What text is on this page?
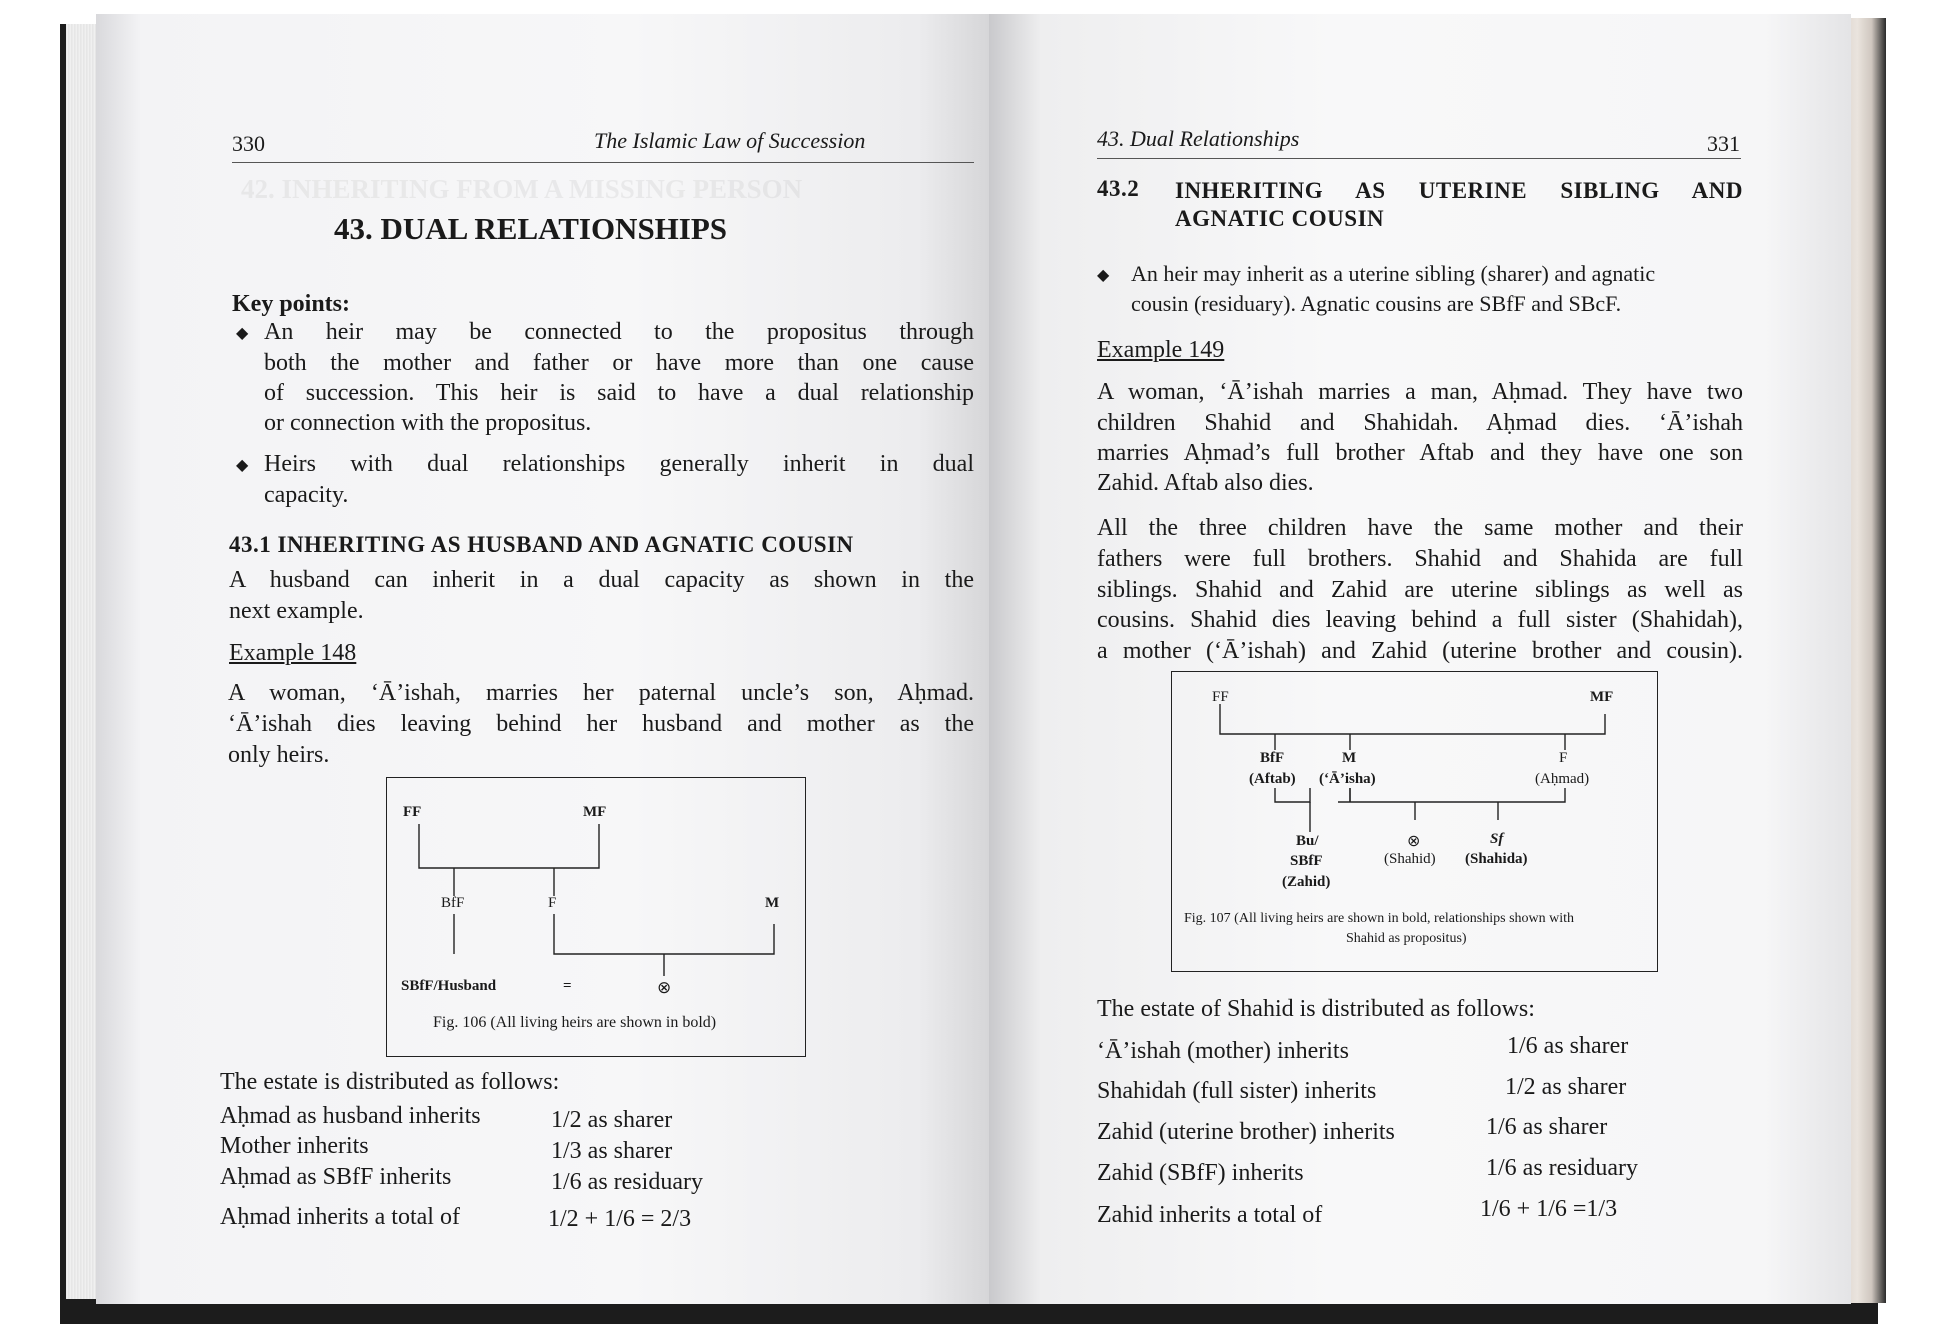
42. INHERITING FROM A MISSING PERSON
330	The Islamic Law of Succession
43. DUAL RELATIONSHIPS
Key points:
◆ An heir may be connected to the propositus through
both the mother and father or have more than one cause
of succession. This heir is said to have a dual relationship
or connection with the propositus.
◆ Heirs with dual relationships generally inherit in dual
capacity.
43.1 INHERITING AS HUSBAND AND AGNATIC COUSIN
A husband can inherit in a dual capacity as shown in the
next example.
Example 148
A woman, ‘Ā’ishah, marries her paternal uncle’s son, Aḥmad.
‘Ā’ishah dies leaving behind her husband and mother as the
only heirs.
FF	MF
BfF	F	M
SBfF/Husband	=	⊗
Fig. 106 (All living heirs are shown in bold)
The estate is distributed as follows:
Aḥmad as husband inherits	1/2 as sharer
Mother inherits	1/3 as sharer
Aḥmad as SBfF inherits	1/6 as residuary
Aḥmad inherits a total of	1/2 + 1/6 = 2/3
43. Dual Relationships	331
43.2 INHERITING AS UTERINE SIBLING AND
AGNATIC COUSIN
◆ An heir may inherit as a uterine sibling (sharer) and agnatic
cousin (residuary). Agnatic cousins are SBfF and SBcF.
Example 149
A woman, ‘Ā’ishah marries a man, Aḥmad. They have two
children Shahid and Shahidah. Aḥmad dies. ‘Ā’ishah
marries Aḥmad’s full brother Aftab and they have one son
Zahid. Aftab also dies.
All the three children have the same mother and their
fathers were full brothers. Shahid and Shahida are full
siblings. Shahid and Zahid are uterine siblings as well as
cousins. Shahid dies leaving behind a full sister (Shahidah),
a mother (‘Ā’ishah) and Zahid (uterine brother and cousin).
FF	MF
BfF
(Aftab)
M
(‘Ā’isha)
F
(Aḥmad)
Bu/
SBfF
(Zahid)
⊗
(Shahid)
Sf
(Shahida)
Fig. 107 (All living heirs are shown in bold, relationships shown with
Shahid as propositus)
The estate of Shahid is distributed as follows:
‘Ā’ishah (mother) inherits	1/6 as sharer
Shahidah (full sister) inherits	1/2 as sharer
Zahid (uterine brother) inherits	1/6 as sharer
Zahid (SBfF) inherits	1/6 as residuary
Zahid inherits a total of	1/6 + 1/6 =1/3
